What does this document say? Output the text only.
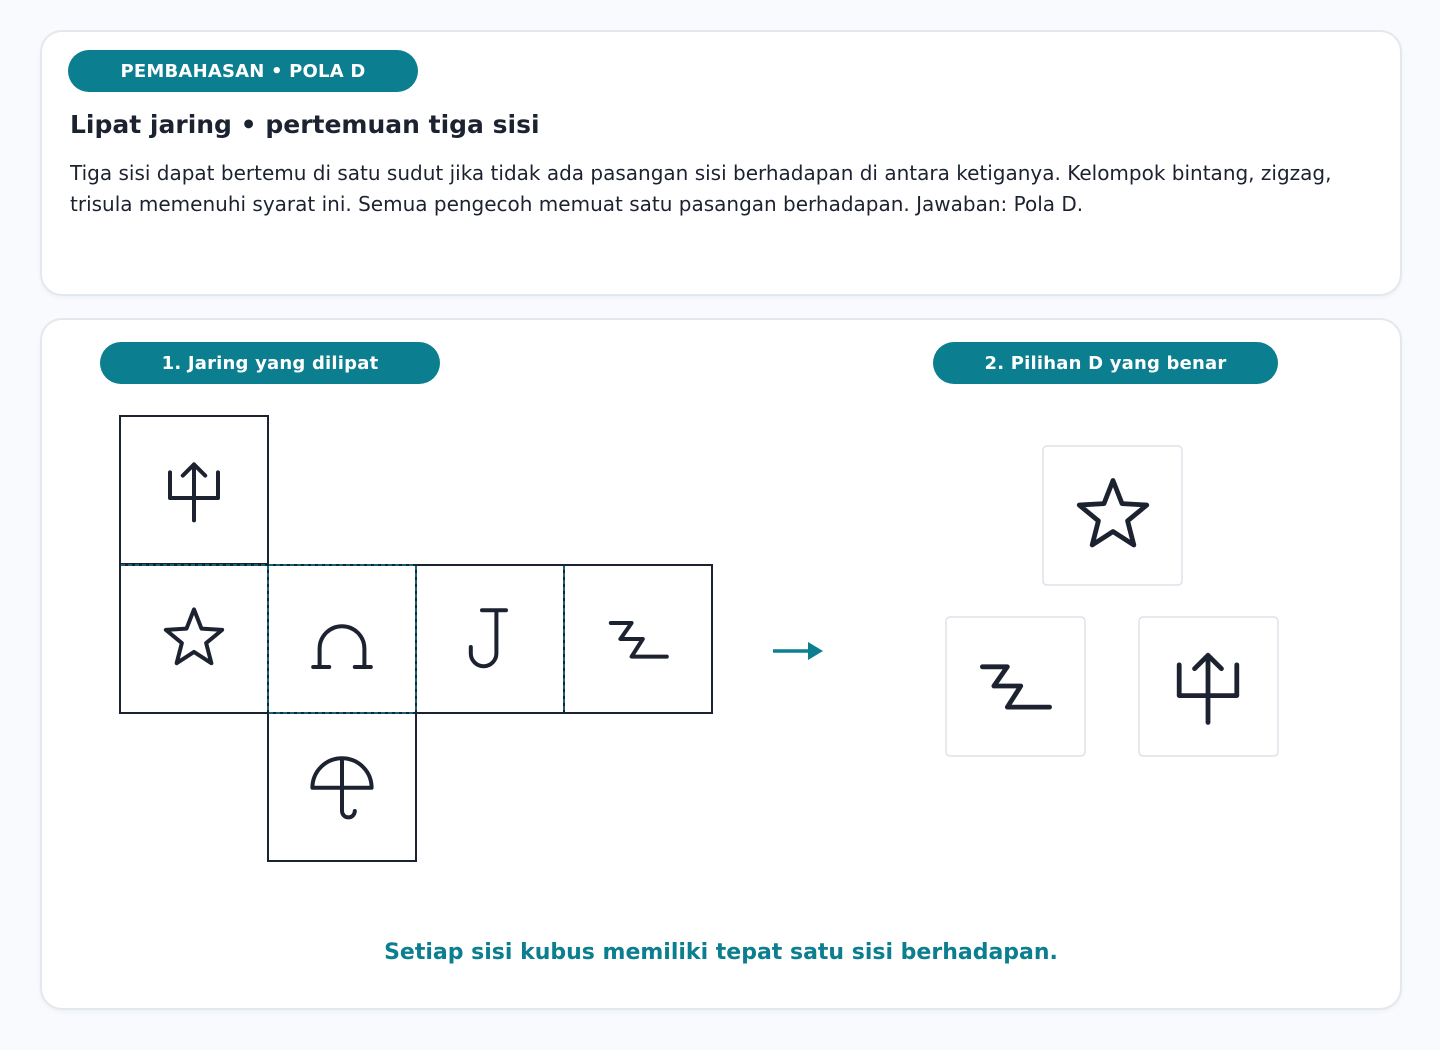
PEMBAHASAN • POLA D
Lipat jaring • pertemuan tiga sisi

Tiga sisi dapat bertemu di satu sudut jika tidak ada pasangan sisi berhadapan di antara ketiganya. Kelompok bintang, zigzag, trisula memenuhi syarat ini. Semua pengecoh memuat satu pasangan berhadapan. Jawaban: Pola D.

1. Jaring yang dilipat	2. Pilihan D yang benar

Setiap sisi kubus memiliki tepat satu sisi berhadapan.
